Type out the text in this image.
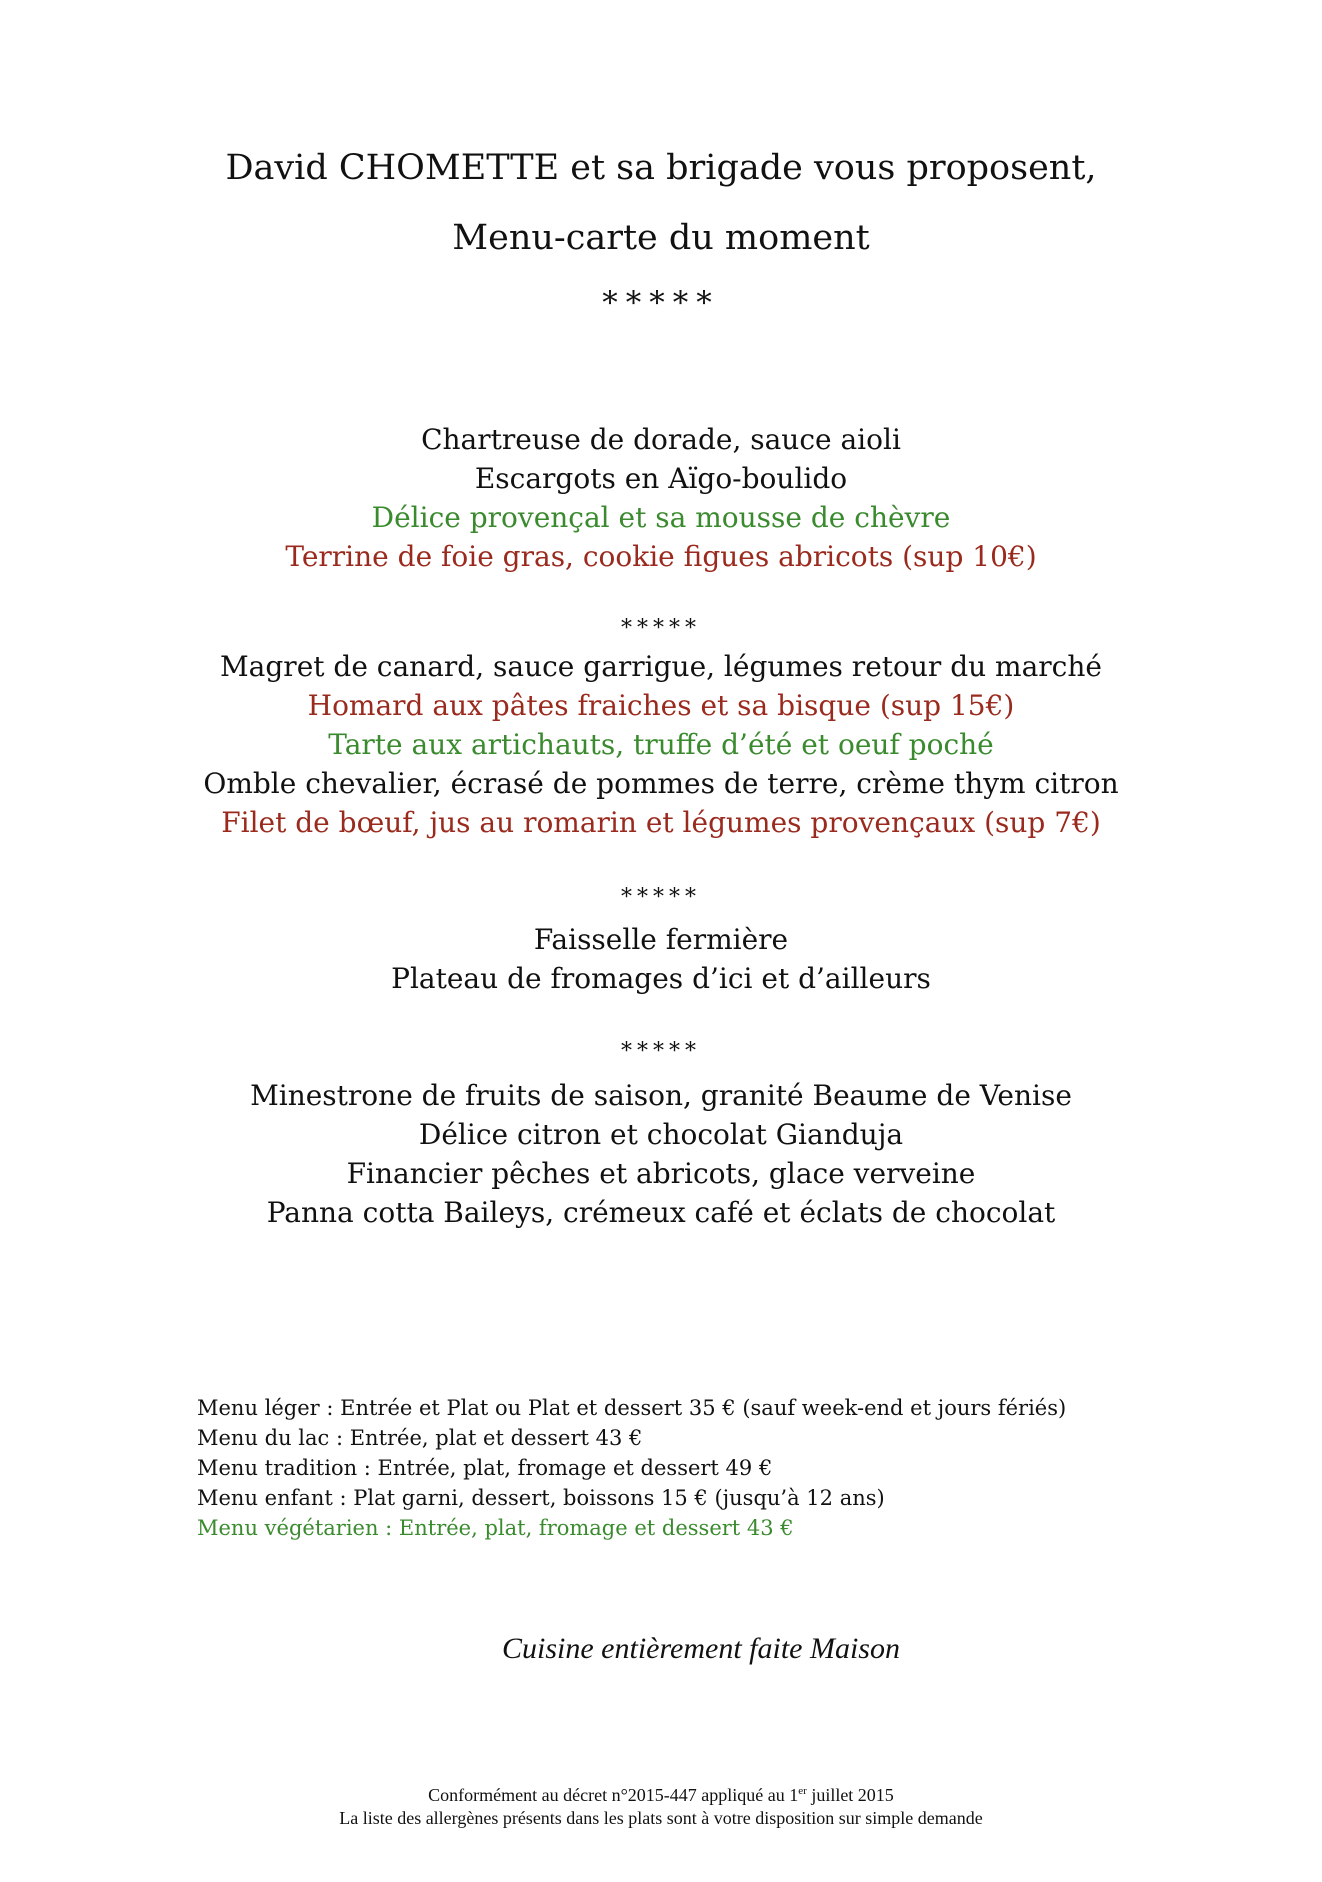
David CHOMETTE et sa brigade vous proposent,
Menu-carte du moment
*****
Chartreuse de dorade, sauce aioli
Escargots en Aïgo-boulido
Délice provençal et sa mousse de chèvre
Terrine de foie gras, cookie figues abricots (sup 10€)
*****
Magret de canard, sauce garrigue, légumes retour du marché
Homard aux pâtes fraiches et sa bisque (sup 15€)
Tarte aux artichauts, truffe d’été et oeuf poché
Omble chevalier, écrasé de pommes de terre, crème thym citron
Filet de bœuf, jus au romarin et légumes provençaux (sup 7€)
*****
Faisselle fermière
Plateau de fromages d’ici et d’ailleurs
*****
Minestrone de fruits de saison, granité Beaume de Venise
Délice citron et chocolat Gianduja
Financier pêches et abricots, glace verveine
Panna cotta Baileys, crémeux café et éclats de chocolat
Menu léger : Entrée et Plat ou Plat et dessert 35 € (sauf week-end et jours fériés)
Menu du lac : Entrée, plat et dessert 43 €
Menu tradition : Entrée, plat, fromage et dessert 49 €
Menu enfant : Plat garni, dessert, boissons 15 € (jusqu’à 12 ans)
Menu végétarien : Entrée, plat, fromage et dessert 43 €
Cuisine entièrement faite Maison
Conformément au décret n°2015-447 appliqué au 1er juillet 2015
La liste des allergènes présents dans les plats sont à votre disposition sur simple demande
